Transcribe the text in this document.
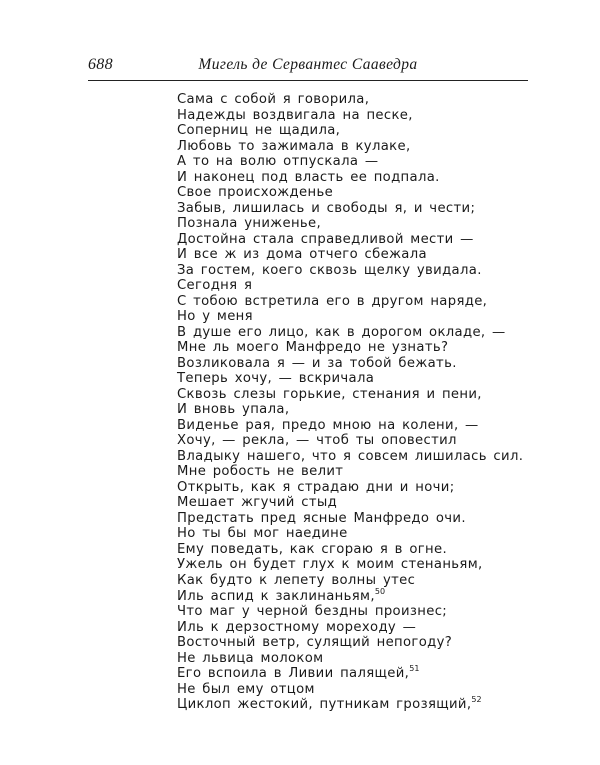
688	Мигель де Сервантес Сааведра
Сама с собой я говорила,
Надежды воздвигала на песке,
Соперниц не щадила,
Любовь то зажимала в кулаке,
А то на волю отпускала —
И наконец под власть ее подпала.
Свое происхожденье
Забыв, лишилась и свободы я, и чести;
Познала униженье,
Достойна стала справедливой мести —
И все ж из дома отчего сбежала
За гостем, коего сквозь щелку увидала.
Сегодня я
С тобою встретила его в другом наряде,
Но у меня
В душе его лицо, как в дорогом окладе, —
Мне ль моего Манфредо не узнать?
Возликовала я — и за тобой бежать.
Теперь хочу, — вскричала
Сквозь слезы горькие, стенания и пени,
И вновь упала,
Виденье рая, предо мною на колени, —
Хочу, — рекла, — чтоб ты оповестил
Владыку нашего, что я совсем лишилась сил.
Мне робость не велит
Открыть, как я страдаю дни и ночи;
Мешает жгучий стыд
Предстать пред ясные Манфредо очи.
Но ты бы мог наедине
Ему поведать, как сгораю я в огне.
Ужель он будет глух к моим стенаньям,
Как будто к лепету волны утес
Иль аспид к заклинаньям,$^{50}$
Что маг у черной бездны произнес;
Иль к дерзостному мореходу —
Восточный ветр, сулящий непогоду?
Не львица молоком
Его вспоила в Ливии палящей,$^{51}$
Не был ему отцом
Циклоп жестокий, путникам грозящий,$^{52}$
